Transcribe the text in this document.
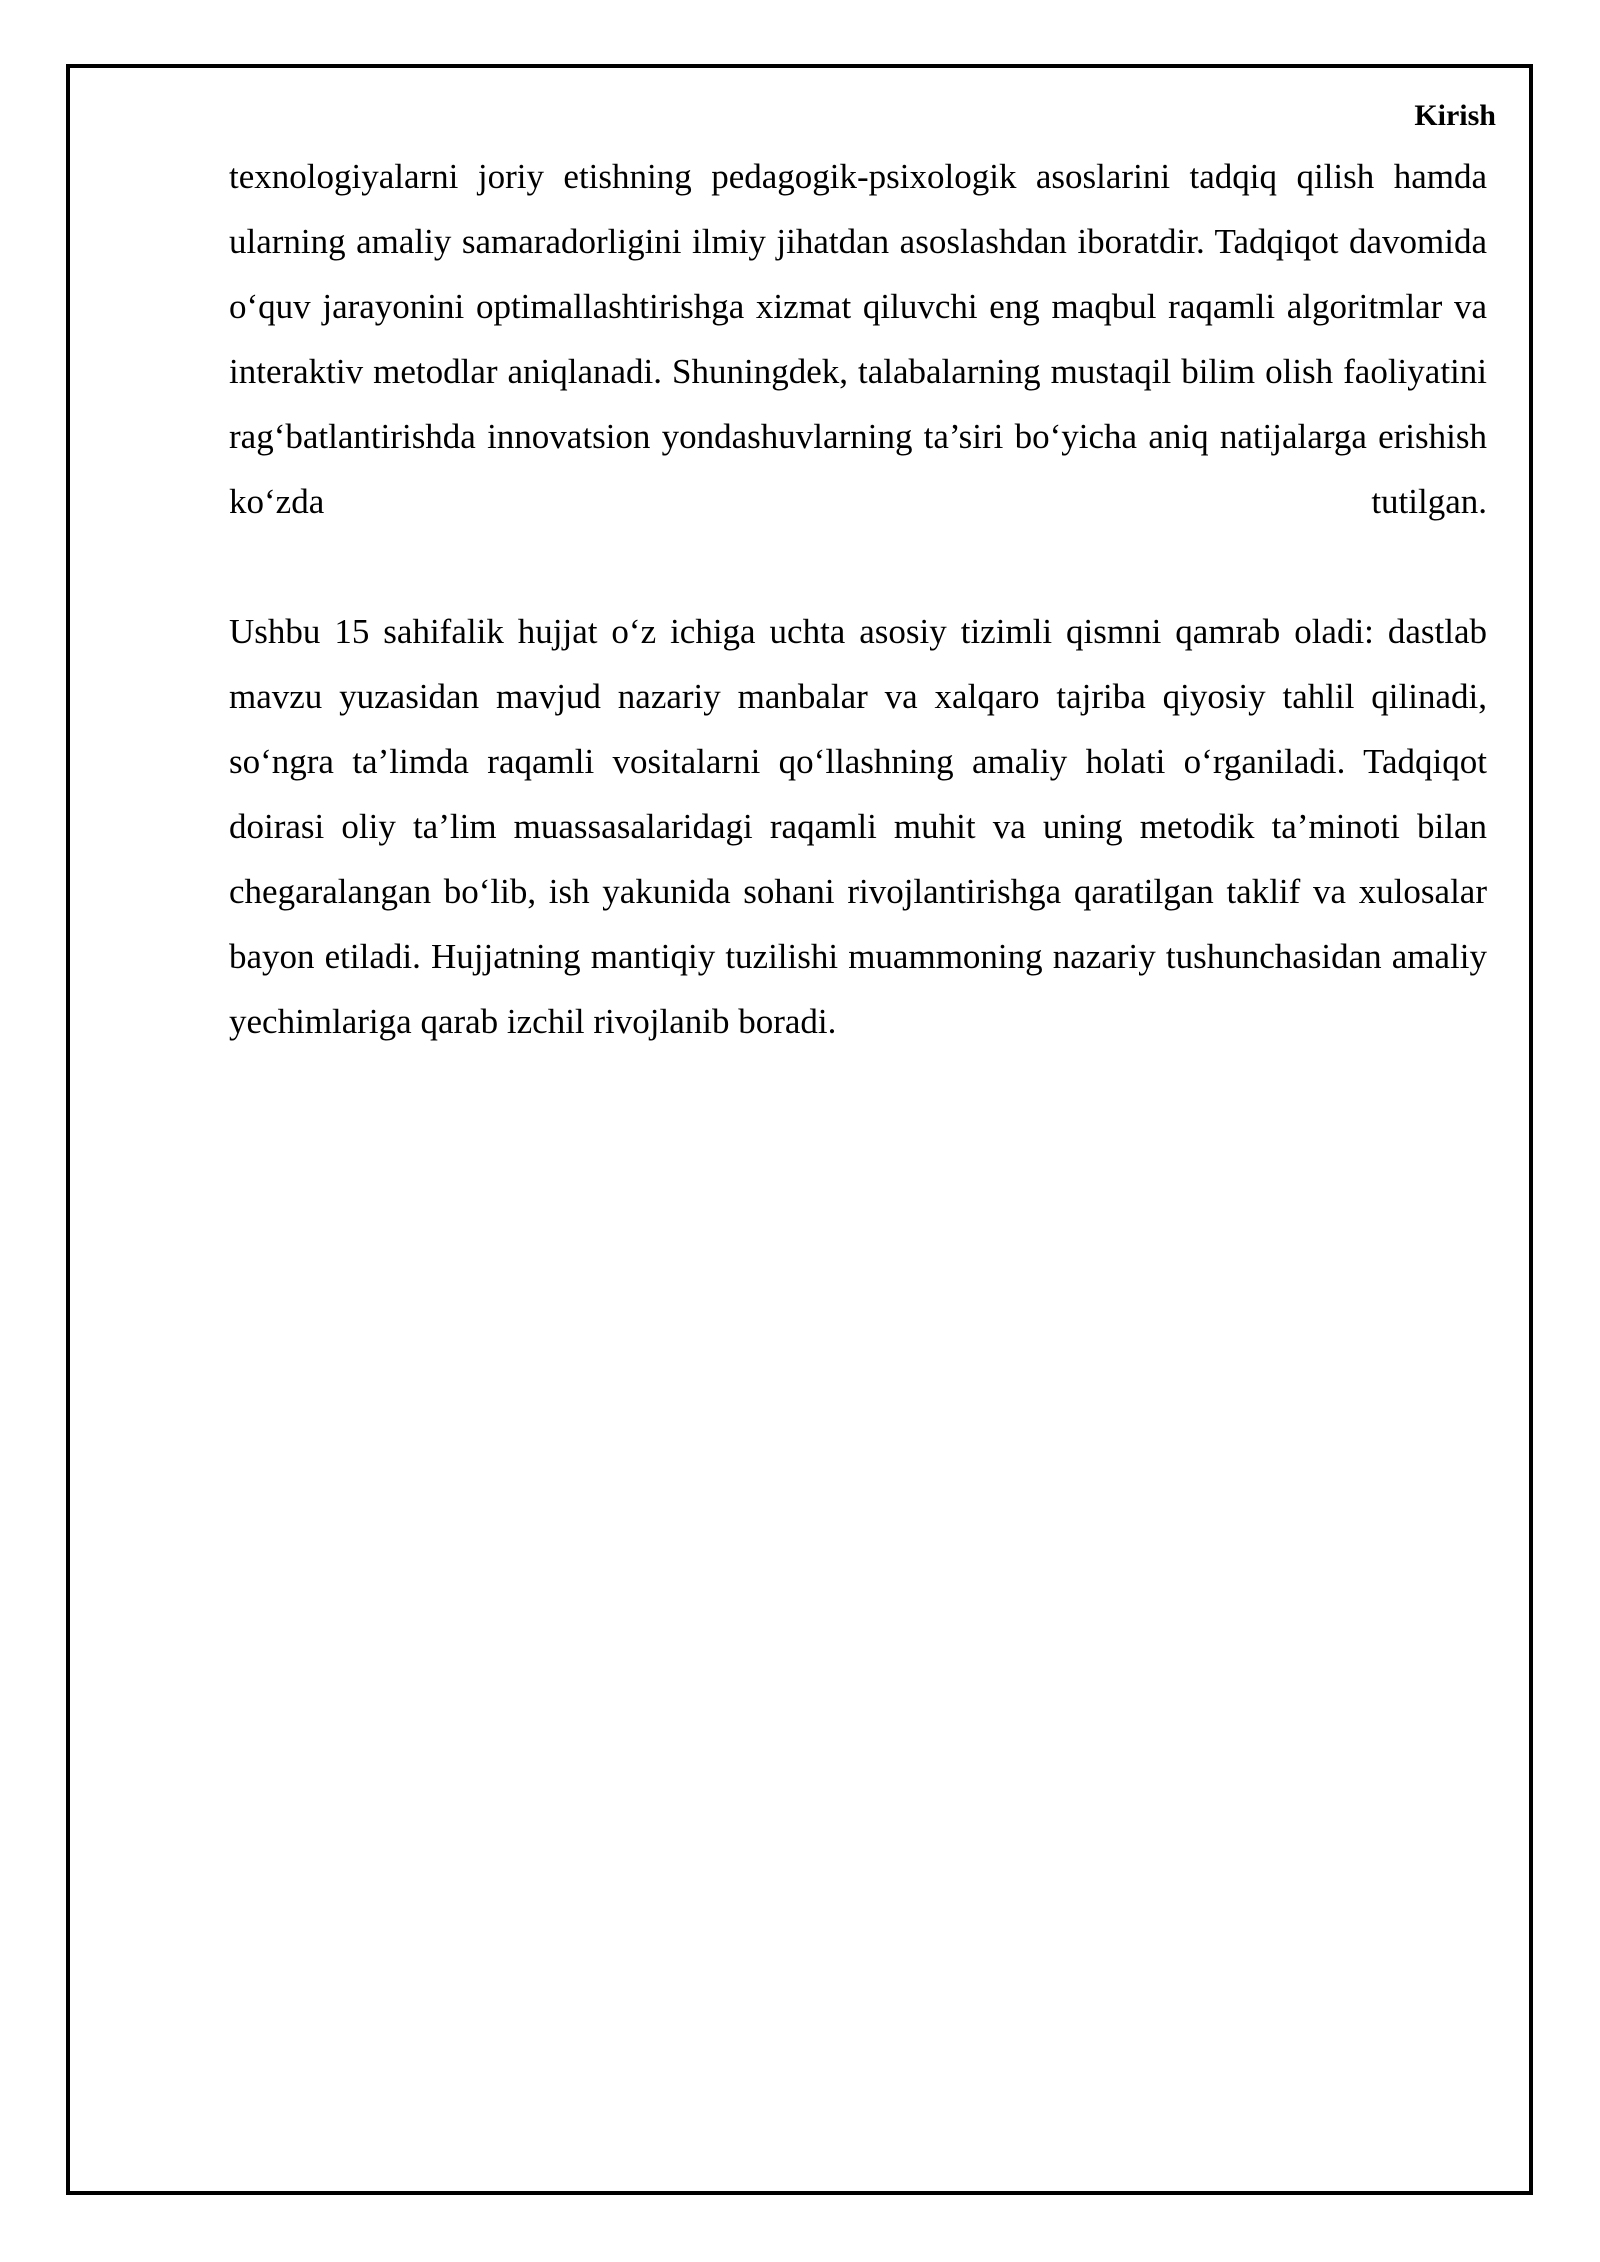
Kirish

texnologiyalarni joriy etishning pedagogik-psixologik asoslarini tadqiq qilish hamda ularning amaliy samaradorligini ilmiy jihatdan asoslashdan iboratdir. Tadqiqot davomida o‘quv jarayonini optimallashtirishga xizmat qiluvchi eng maqbul raqamli algoritmlar va interaktiv metodlar aniqlanadi. Shuningdek, talabalarning mustaqil bilim olish faoliyatini rag‘batlantirishda innovatsion yondashuvlarning ta’siri bo‘yicha aniq natijalarga erishish ko‘zda tutilgan.

Ushbu 15 sahifalik hujjat o‘z ichiga uchta asosiy tizimli qismni qamrab oladi: dastlab mavzu yuzasidan mavjud nazariy manbalar va xalqaro tajriba qiyosiy tahlil qilinadi, so‘ngra ta’limda raqamli vositalarni qo‘llashning amaliy holati o‘rganiladi. Tadqiqot doirasi oliy ta’lim muassasalaridagi raqamli muhit va uning metodik ta’minoti bilan chegaralangan bo‘lib, ish yakunida sohani rivojlantirishga qaratilgan taklif va xulosalar bayon etiladi. Hujjatning mantiqiy tuzilishi muammoning nazariy tushunchasidan amaliy yechimlariga qarab izchil rivojlanib boradi.
